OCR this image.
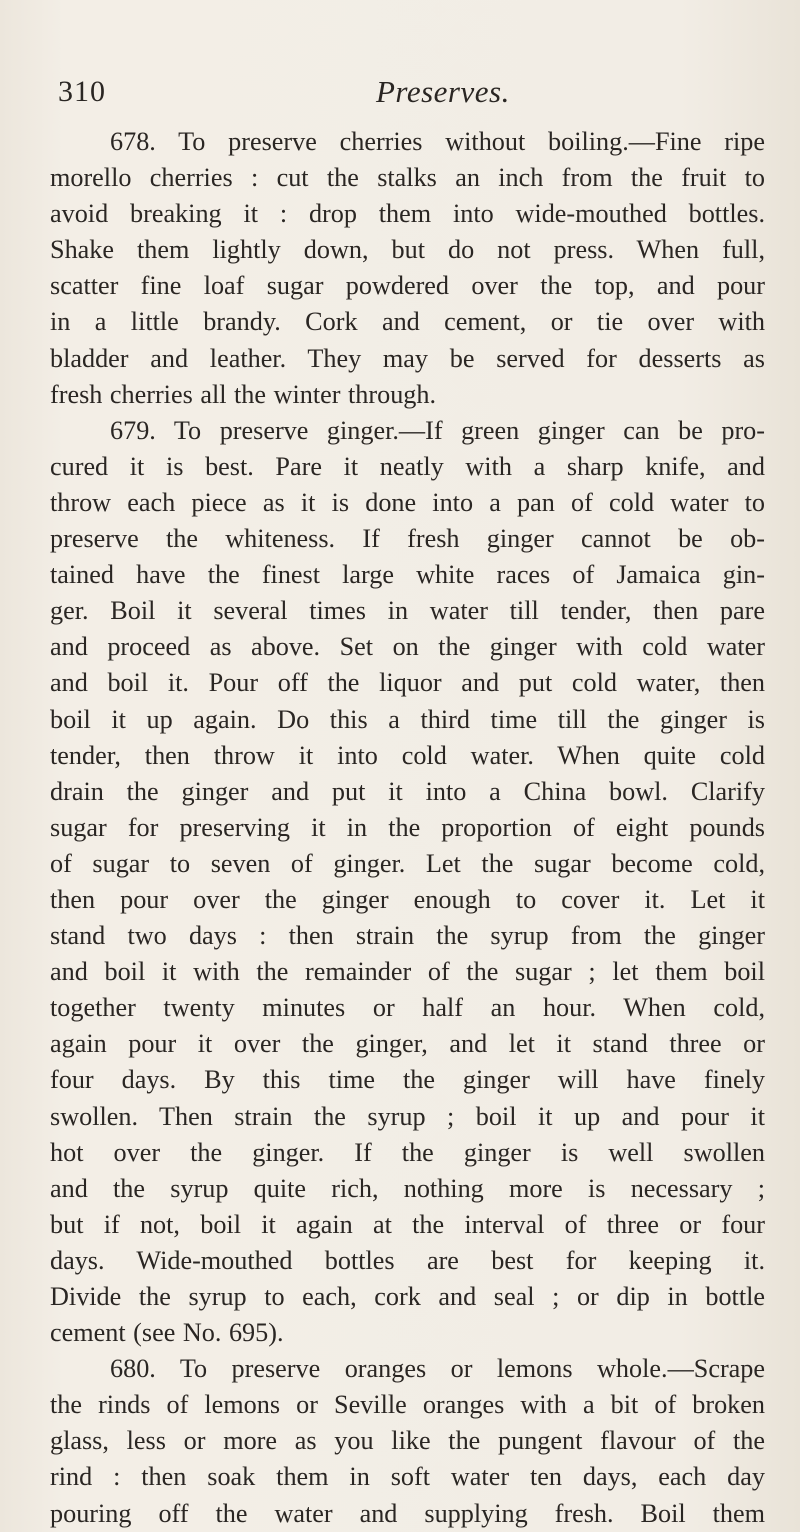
310	Preserves.
678. To preserve cherries without boiling.—Fine ripe
morello cherries : cut the stalks an inch from the fruit to
avoid breaking it : drop them into wide-mouthed bottles.
Shake them lightly down, but do not press. When full,
scatter fine loaf sugar powdered over the top, and pour
in a little brandy. Cork and cement, or tie over with
bladder and leather. They may be served for desserts as
fresh cherries all the winter through.
679. To preserve ginger.—If green ginger can be pro-
cured it is best. Pare it neatly with a sharp knife, and
throw each piece as it is done into a pan of cold water to
preserve the whiteness. If fresh ginger cannot be ob-
tained have the finest large white races of Jamaica gin-
ger. Boil it several times in water till tender, then pare
and proceed as above. Set on the ginger with cold water
and boil it. Pour off the liquor and put cold water, then
boil it up again. Do this a third time till the ginger is
tender, then throw it into cold water. When quite cold
drain the ginger and put it into a China bowl. Clarify
sugar for preserving it in the proportion of eight pounds
of sugar to seven of ginger. Let the sugar become cold,
then pour over the ginger enough to cover it. Let it
stand two days : then strain the syrup from the ginger
and boil it with the remainder of the sugar ; let them boil
together twenty minutes or half an hour. When cold,
again pour it over the ginger, and let it stand three or
four days. By this time the ginger will have finely
swollen. Then strain the syrup ; boil it up and pour it
hot over the ginger. If the ginger is well swollen
and the syrup quite rich, nothing more is necessary ;
but if not, boil it again at the interval of three or four
days. Wide-mouthed bottles are best for keeping it.
Divide the syrup to each, cork and seal ; or dip in bottle
cement (see No. 695).
680. To preserve oranges or lemons whole.—Scrape
the rinds of lemons or Seville oranges with a bit of broken
glass, less or more as you like the pungent flavour of the
rind : then soak them in soft water ten days, each day
pouring off the water and supplying fresh. Boil them
